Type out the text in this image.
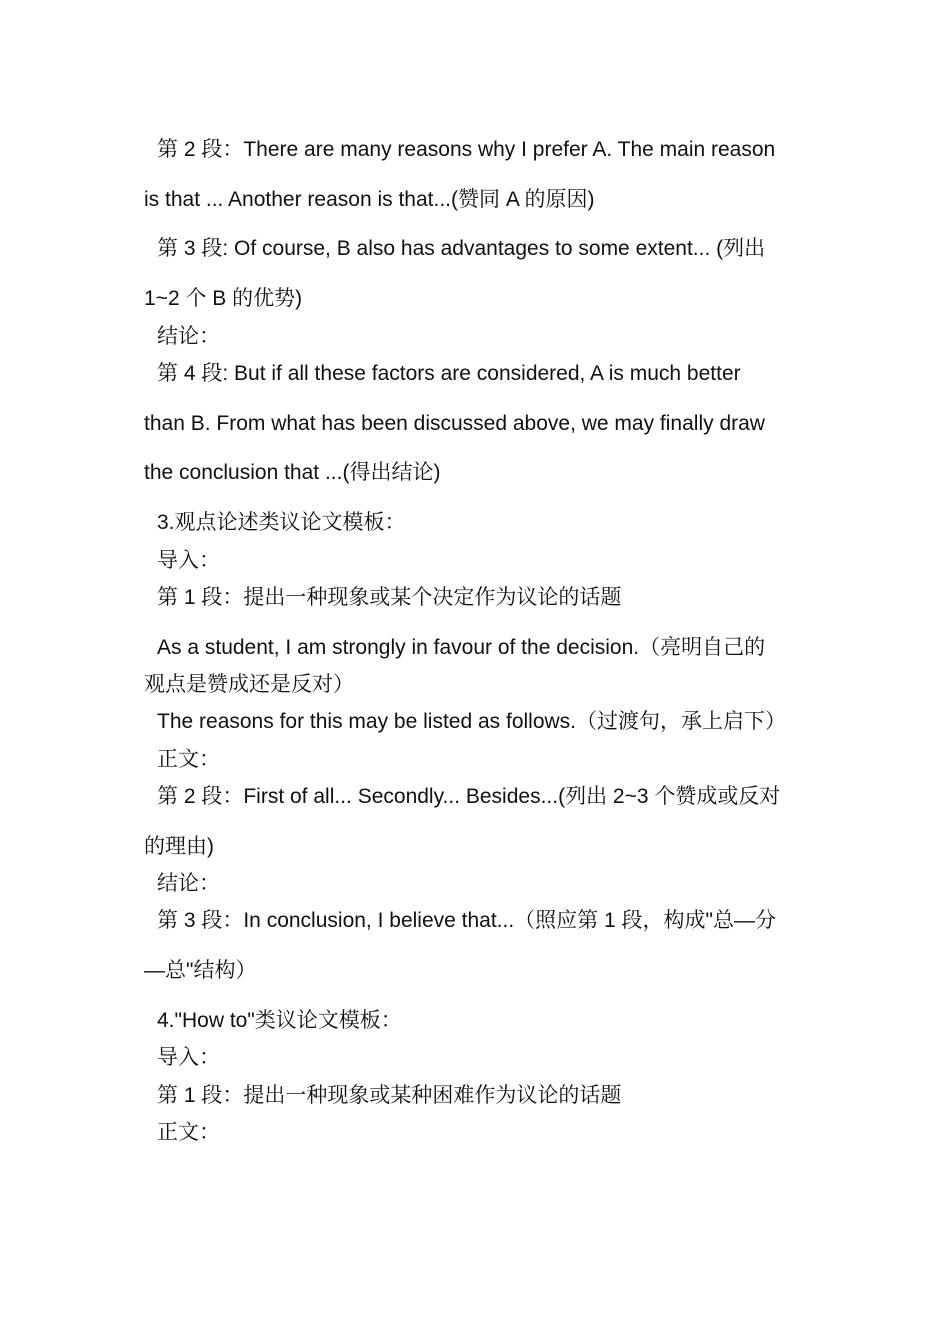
第 2 段：There are many reasons why I prefer A. The main reason
is that ... Another reason is that...(赞同 A 的原因)
第 3 段: Of course, B also has advantages to some extent... (列出
1~2 个 B 的优势)
结论：
第 4 段: But if all these factors are considered, A is much better
than B. From what has been discussed above, we may finally draw
the conclusion that ...(得出结论)
3.观点论述类议论文模板：
导入：
第 1 段：提出一种现象或某个决定作为议论的话题
As a student, I am strongly in favour of the decision.（亮明自己的
观点是赞成还是反对）
The reasons for this may be listed as follows.（过渡句，承上启下）
正文：
第 2 段：First of all... Secondly... Besides...(列出 2~3 个赞成或反对
的理由)
结论：
第 3 段：In conclusion, I believe that...（照应第 1 段，构成"总—分
—总"结构）
4."How to"类议论文模板：
导入：
第 1 段：提出一种现象或某种困难作为议论的话题
正文：
